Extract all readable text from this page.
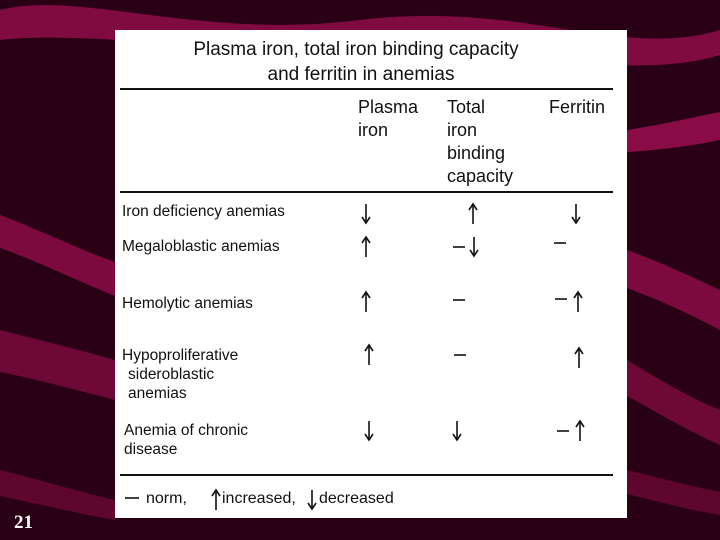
Plasma iron, total iron binding capacity
and ferritin in anemias
Plasma
iron
Total
iron
binding
capacity
Ferritin
Iron deficiency anemias
Megaloblastic anemias
Hemolytic anemias
Hypoproliferative
sideroblastic
anemias
Anemia of chronic
disease
norm, increased, decreased
21
